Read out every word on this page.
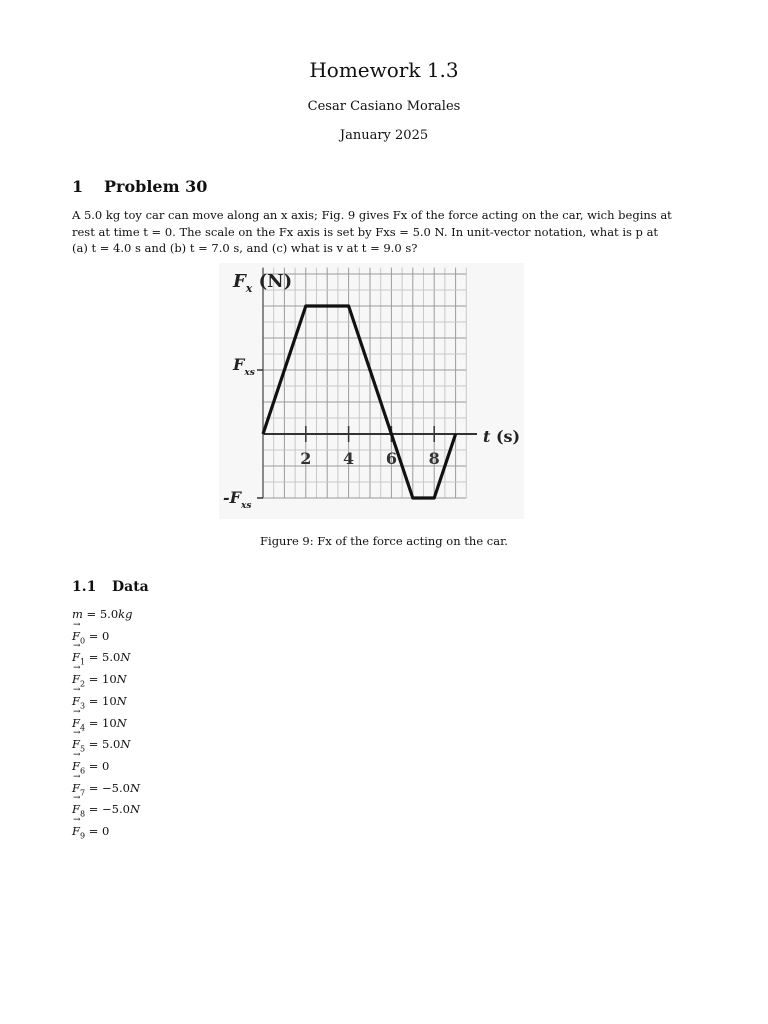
Homework 1.3
Cesar Casiano Morales
January 2025
1 Problem 30
A 5.0 kg toy car can move along an x axis; Fig. 9 gives Fx of the force acting on the car, wich begins at
rest at time t = 0. The scale on the Fx axis is set by Fxs = 5.0 N. In unit-vector notation, what is p at
(a) t = 4.0 s and (b) t = 7.0 s, and (c) what is v at t = 9.0 s?
$F_x$ (N)
t (s)
$F_{xs}$
$-F_{xs}$
2 4 6 8
Figure 9: Fx of the force acting on the car.
1.1 Data
m = 5.0kg
→ $F_0 = 0$
→ $F_1 = 5.0N$
→ $F_2 = 10N$
→ $F_3 = 10N$
→ $F_4 = 10N$
→ $F_5 = 5.0N$
→ $F_6 = 0$
→ $F_7 = -5.0N$
→ $F_8 = -5.0N$
→ $F_9 = 0$
